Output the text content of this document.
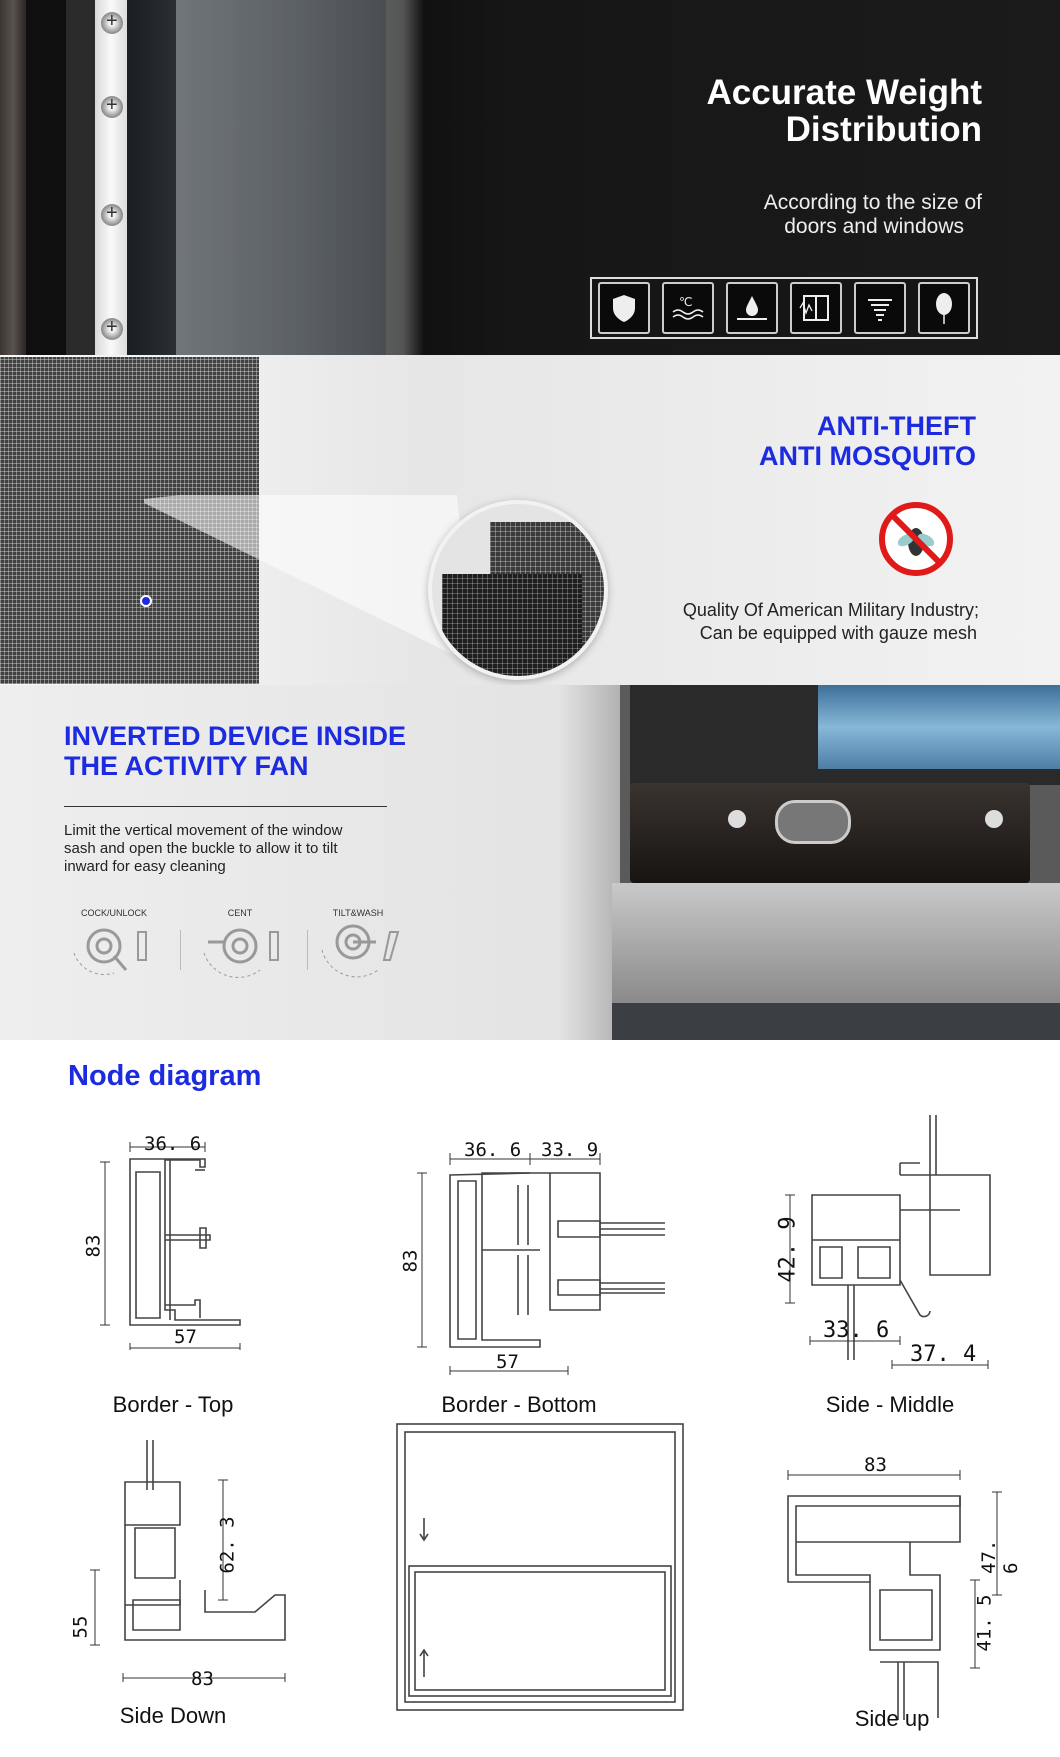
+
+
+
+
Accurate Weight
Distribution
According to the size of
doors and windows
℃
ANTI-THEFT
ANTI MOSQUITO
Quality Of American Military Industry;
Can be equipped with gauze mesh
INVERTED DEVICE INSIDE
THE ACTIVITY FAN
Limit the vertical movement of the window
sash and open the buckle to allow it to tilt
inward for easy cleaning
COCK/UNLOCK	CENT	TILT&WASH
Node diagram
36. 6
83
57
Border - Top
36. 6 33. 9
83
57
Border - Bottom
42. 9
33. 6
37. 4
Side - Middle
62. 3
55
83
Side Down
83
47. 6
41. 5
Side up
